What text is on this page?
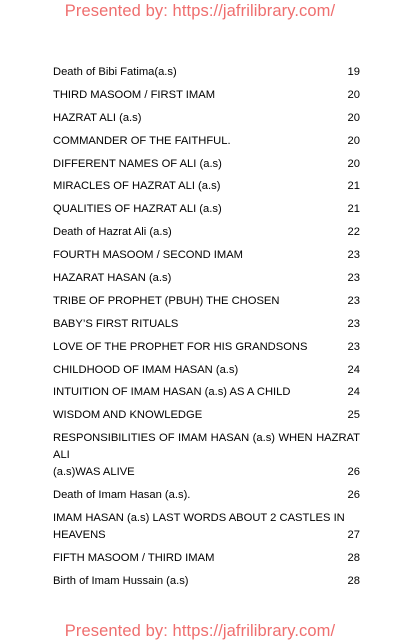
Presented by: https://jafrilibrary.com/
Death of Bibi Fatima(a.s)	19
THIRD MASOOM / FIRST IMAM	20
HAZRAT ALI (a.s)	20
COMMANDER OF THE FAITHFUL.	20
DIFFERENT NAMES OF ALI (a.s)	20
MIRACLES OF HAZRAT ALI (a.s)	21
QUALITIES OF HAZRAT ALI (a.s)	21
Death of Hazrat Ali (a.s)	22
FOURTH MASOOM / SECOND IMAM	23
HAZARAT HASAN (a.s)	23
TRIBE OF PROPHET (PBUH) THE CHOSEN	23
BABY’S FIRST RITUALS	23
LOVE OF THE PROPHET FOR HIS GRANDSONS	23
CHILDHOOD OF IMAM HASAN (a.s)	24
INTUITION OF IMAM HASAN (a.s) AS A CHILD	24
WISDOM AND KNOWLEDGE	25
RESPONSIBILITIES OF IMAM HASAN (a.s) WHEN HAZRAT ALI
(a.s)WAS ALIVE	26
Death of Imam Hasan (a.s).	26
IMAM HASAN (a.s) LAST WORDS ABOUT 2 CASTLES IN
HEAVENS	27
FIFTH MASOOM / THIRD IMAM	28
Birth of Imam Hussain (a.s)	28
Presented by: https://jafrilibrary.com/
